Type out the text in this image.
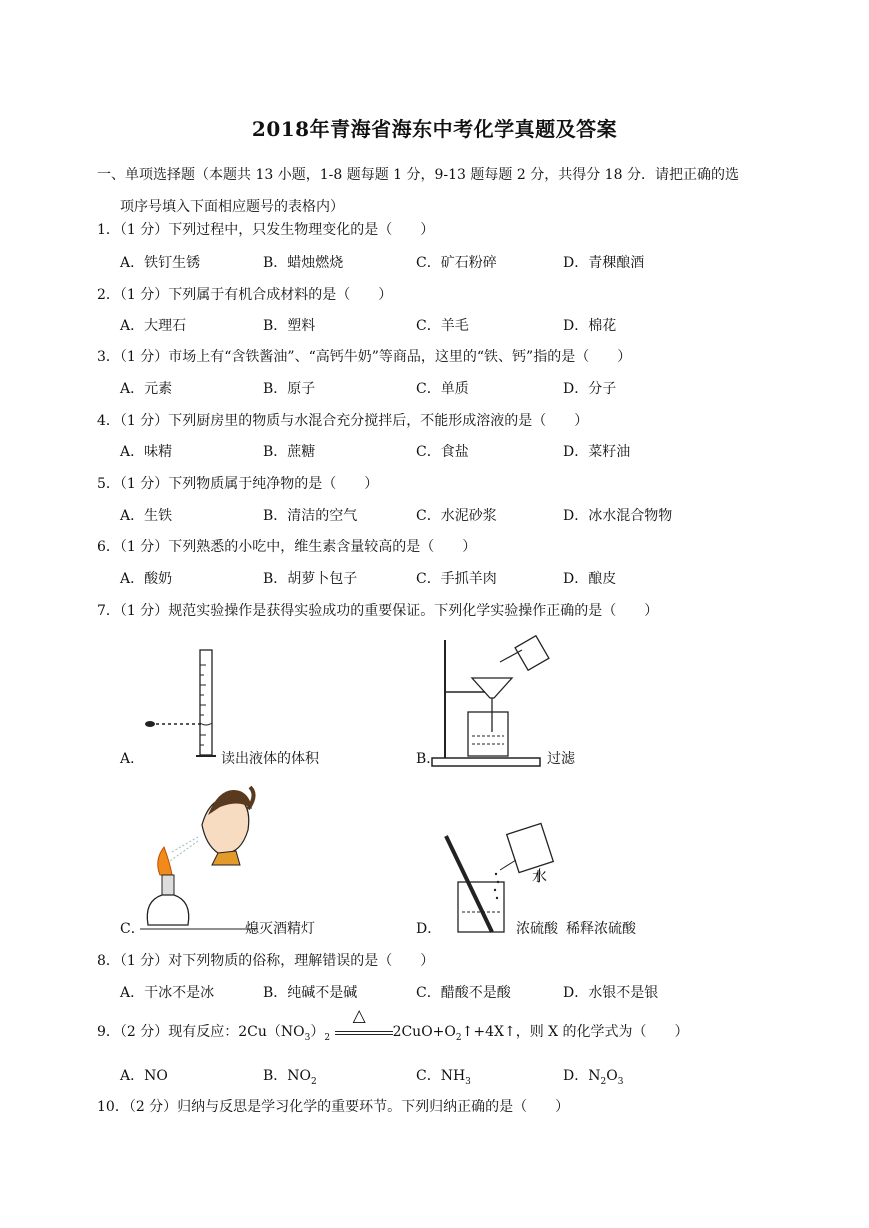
2018年青海省海东中考化学真题及答案
一、单项选择题（本题共 13 小题，1-8 题每题 1 分，9-13 题每题 2 分，共得分 18 分．请把正确的选
项序号填入下面相应题号的表格内）
1．（1 分）下列过程中，只发生物理变化的是（　　）
A．铁钉生锈	B．蜡烛燃烧	C．矿石粉碎	D．青稞酿酒
2．（1 分）下列属于有机合成材料的是（　　）
A．大理石	B．塑料	C．羊毛	D．棉花
3．（1 分）市场上有“含铁酱油”、“高钙牛奶”等商品，这里的“铁、钙”指的是（　　）
A．元素	B．原子	C．单质	D．分子
4．（1 分）下列厨房里的物质与水混合充分搅拌后，不能形成溶液的是（　　）
A．味精	B．蔗糖	C．食盐	D．菜籽油
5．（1 分）下列物质属于纯净物的是（　　）
A．生铁	B．清洁的空气	C．水泥砂浆	D．冰水混合物物
6．（1 分）下列熟悉的小吃中，维生素含量较高的是（　　）
A．酸奶	B．胡萝卜包子	C．手抓羊肉	D．酿皮
7．（1 分）规范实验操作是获得实验成功的重要保证。下列化学实验操作正确的是（　　）
A．	读出液体的体积	B．	过滤
C．	熄灭酒精灯
水
D．	浓硫酸 稀释浓硫酸
8．（1 分）对下列物质的俗称，理解错误的是（　　）
A．干冰不是冰	B．纯碱不是碱	C．醋酸不是酸	D．水银不是银
9．（2 分）现有反应：$2Cu(NO_3)_2$
△
$2CuO+O_2↑+4X↑$，则 X 的化学式为（　　）
A．NO	B．$NO_2$	C．$NH_3$	D．$N_2O_3$
10．（2 分）归纳与反思是学习化学的重要环节。下列归纳正确的是（　　）
